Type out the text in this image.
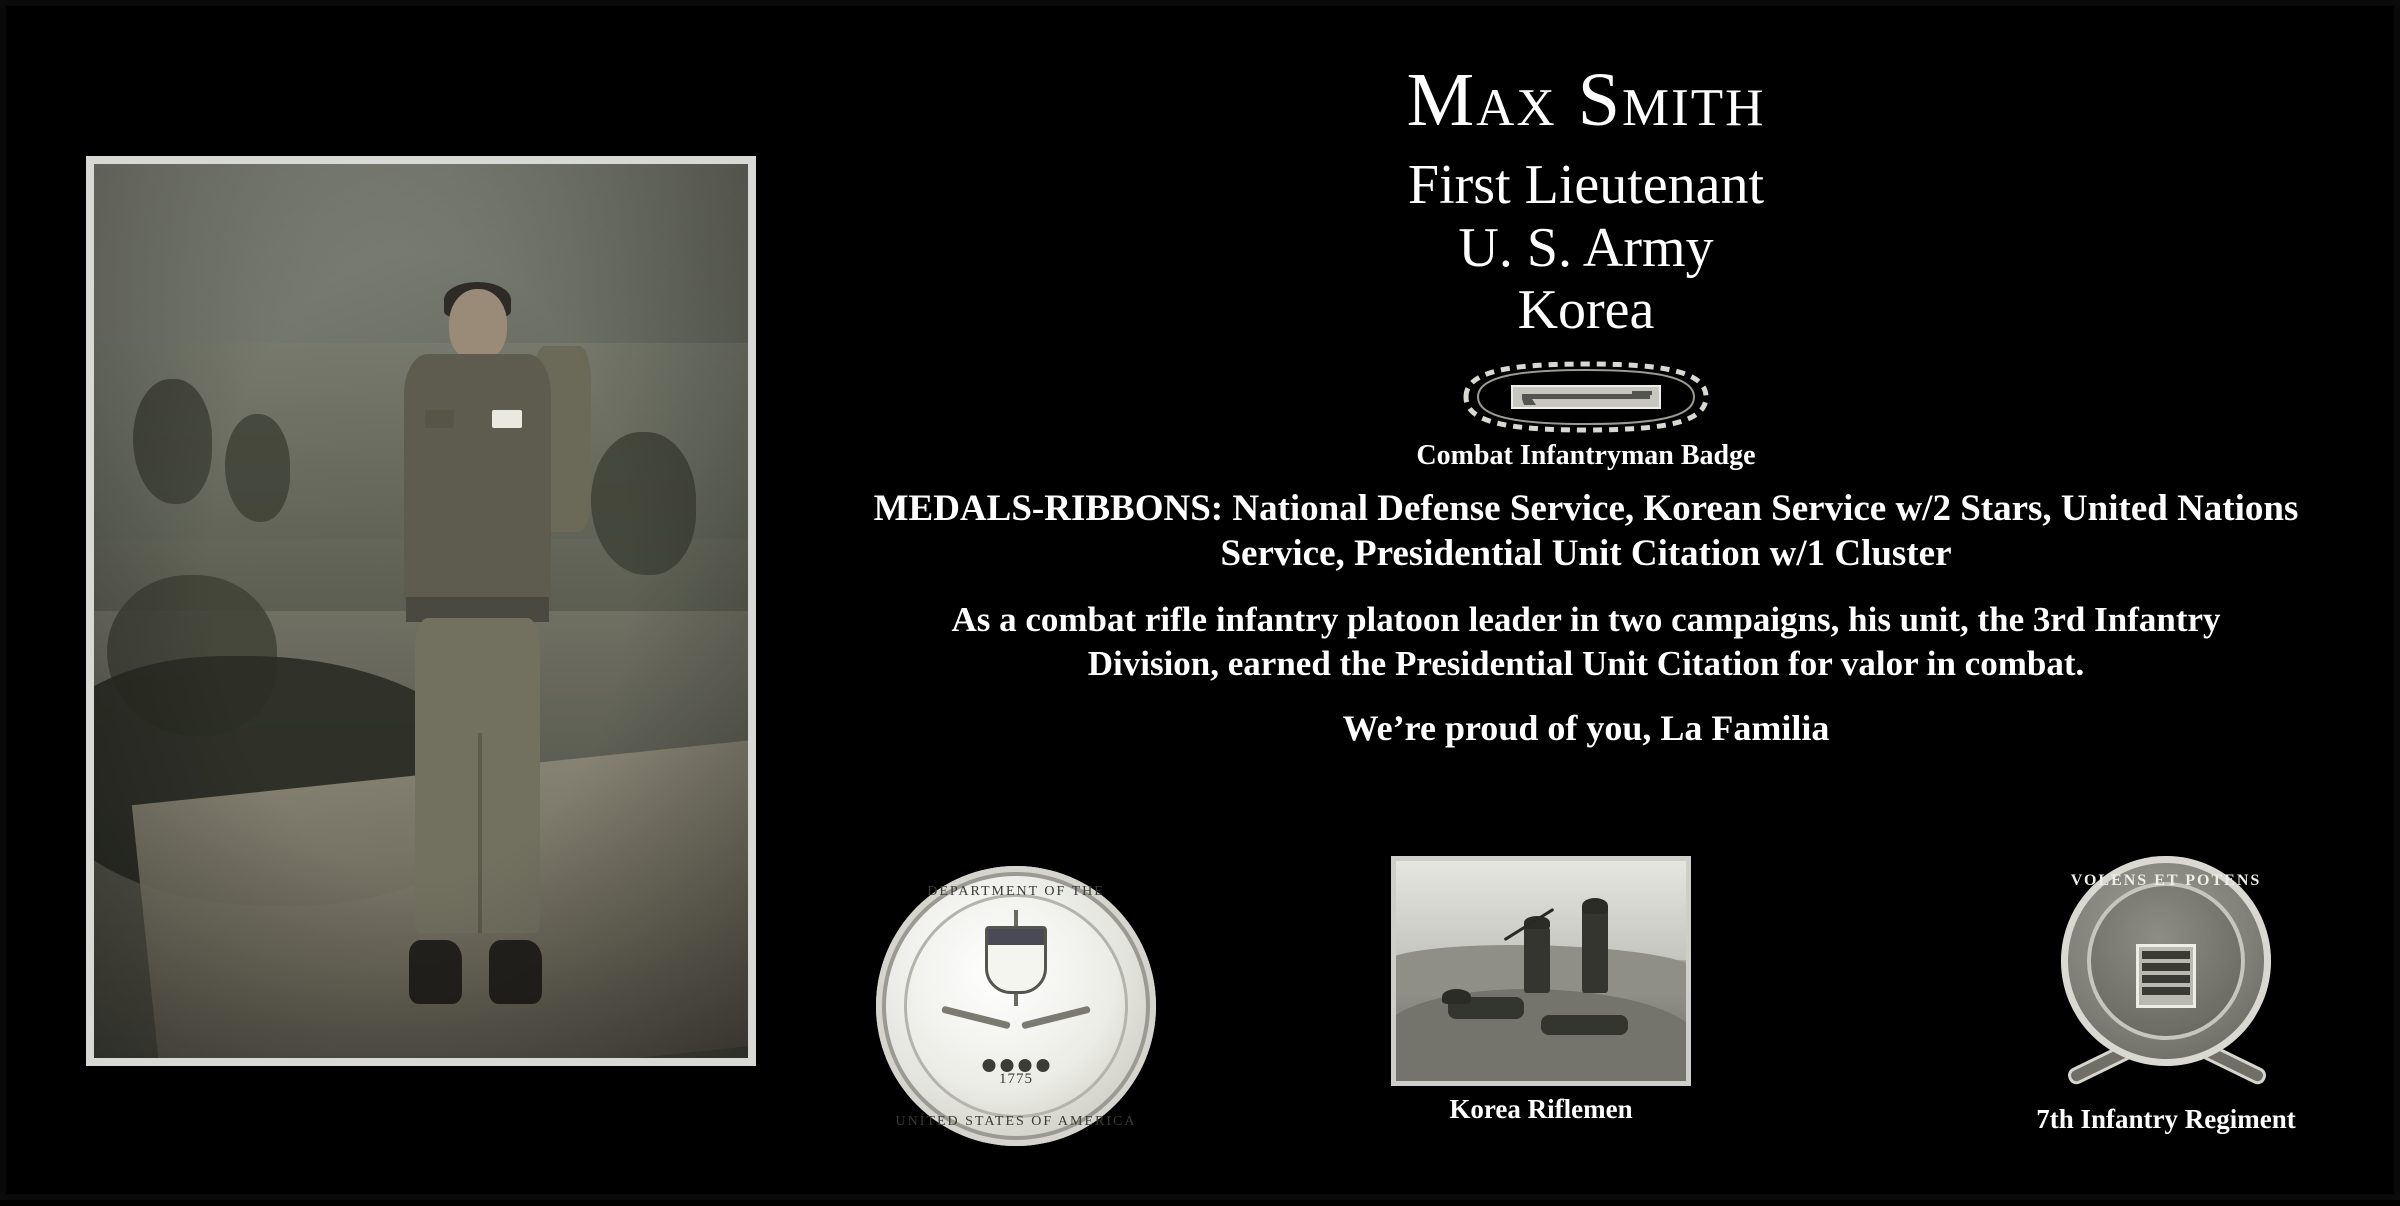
Max Smith
First Lieutenant
U. S. Army
Korea
Combat Infantryman Badge
MEDALS-RIBBONS: National Defense Service, Korean Service w/2 Stars, United Nations Service, Presidential Unit Citation w/1 Cluster
As a combat rifle infantry platoon leader in two campaigns, his unit, the 3rd Infantry Division, earned the Presidential Unit Citation for valor in combat.
We’re proud of you, La Familia
DEPARTMENT OF THE
1775
UNITED STATES OF AMERICA	Korea Riflemen
VOLENS ET POTENS
7th Infantry Regiment
